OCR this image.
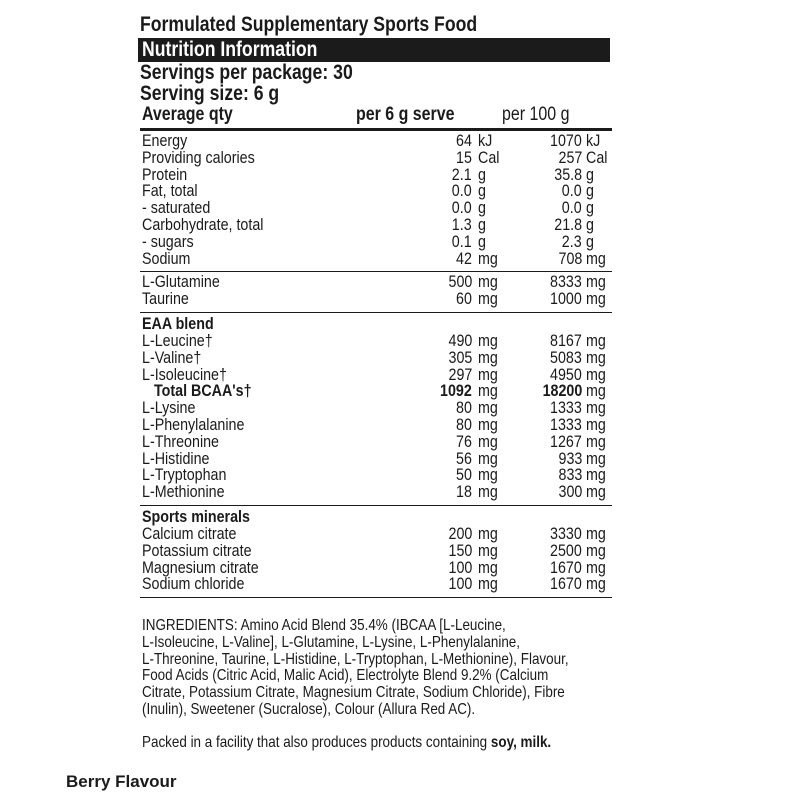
Formulated Supplementary Sports Food
Nutrition Information
Servings per package: 30
Serving size: 6 g
Average qty	per 6 g serve	per 100 g
Energy	64 kJ	1070 kJ
Providing calories	15 Cal	257 Cal
Protein	2.1 g	35.8 g
Fat, total	0.0 g	0.0 g
- saturated	0.0 g	0.0 g
Carbohydrate, total	1.3 g	21.8 g
- sugars	0.1 g	2.3 g
Sodium	42 mg	708 mg
L-Glutamine	500 mg	8333 mg
Taurine	60 mg	1000 mg
EAA blend
L-Leucine†	490 mg	8167 mg
L-Valine†	305 mg	5083 mg
L-Isoleucine†	297 mg	4950 mg
Total BCAA's†	1092 mg	18200 mg
L-Lysine	80 mg	1333 mg
L-Phenylalanine	80 mg	1333 mg
L-Threonine	76 mg	1267 mg
L-Histidine	56 mg	933 mg
L-Tryptophan	50 mg	833 mg
L-Methionine	18 mg	300 mg
Sports minerals
Calcium citrate	200 mg	3330 mg
Potassium citrate	150 mg	2500 mg
Magnesium citrate	100 mg	1670 mg
Sodium chloride	100 mg	1670 mg
INGREDIENTS: Amino Acid Blend 35.4% (IBCAA [L-Leucine,
L-Isoleucine, L-Valine], L-Glutamine, L-Lysine, L-Phenylalanine,
L-Threonine, Taurine, L-Histidine, L-Tryptophan, L-Methionine), Flavour,
Food Acids (Citric Acid, Malic Acid), Electrolyte Blend 9.2% (Calcium
Citrate, Potassium Citrate, Magnesium Citrate, Sodium Chloride), Fibre
(Inulin), Sweetener (Sucralose), Colour (Allura Red AC).
Packed in a facility that also produces products containing soy, milk.
Berry Flavour
